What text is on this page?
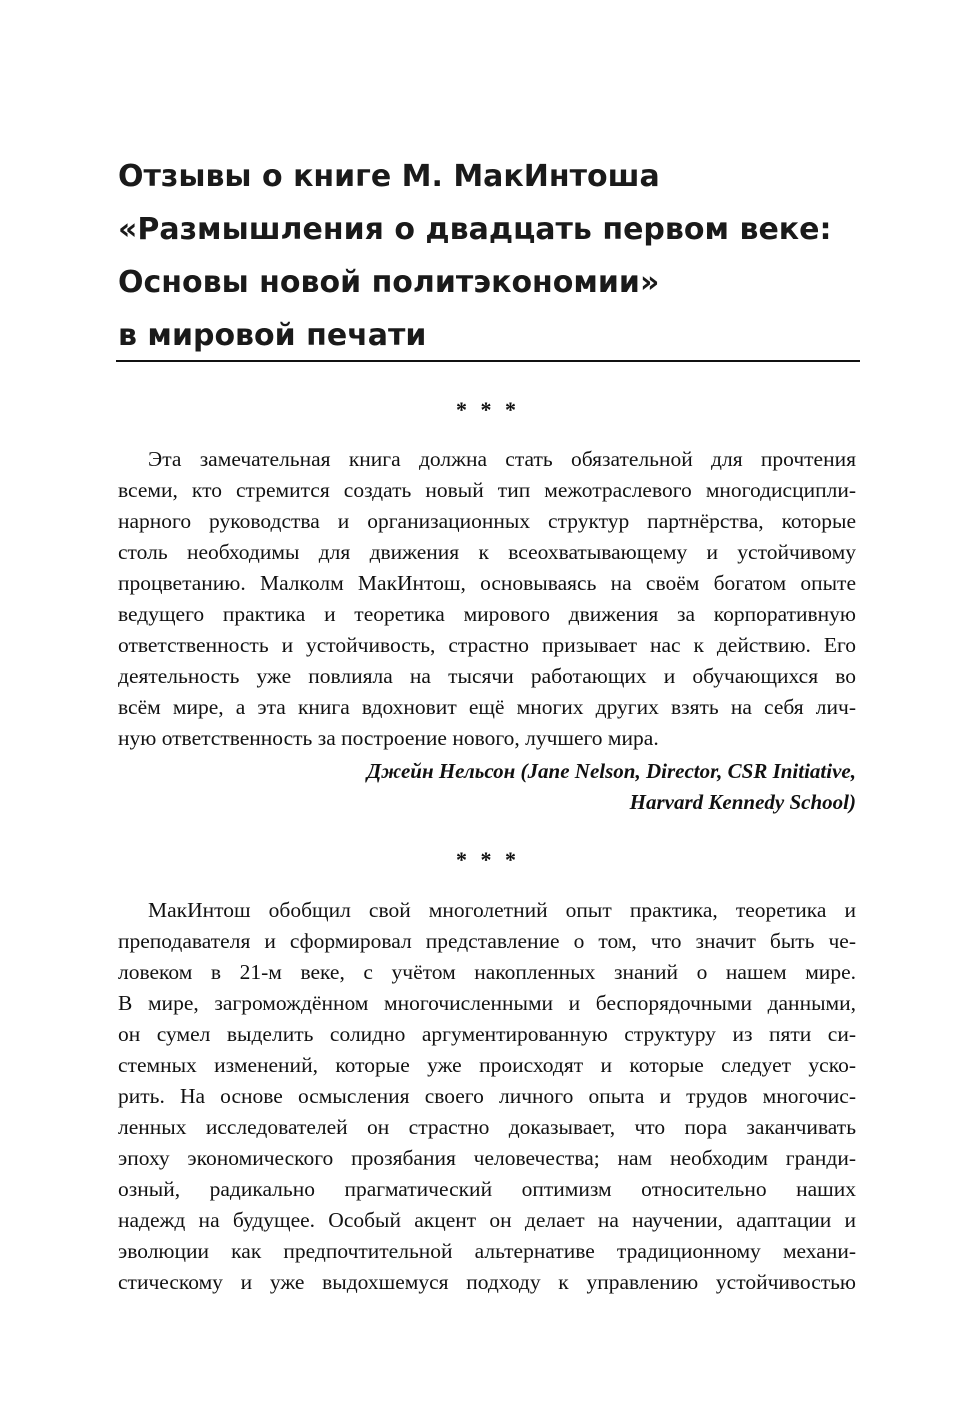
Отзывы о книге М. МакИнтоша
«Размышления о двадцать первом веке:
Основы новой политэкономии»
в мировой печати
* * *
Эта замечательная книга должна стать обязательной для прочтения
всеми, кто стремится создать новый тип межотраслевого многодисципли-
нарного руководства и организационных структур партнёрства, которые
столь необходимы для движения к всеохватывающему и устойчивому
процветанию. Малколм МакИнтош, основываясь на своём богатом опыте
ведущего практика и теоретика мирового движения за корпоративную
ответственность и устойчивость, страстно призывает нас к действию. Его
деятельность уже повлияла на тысячи работающих и обучающихся во
всём мире, а эта книга вдохновит ещё многих других взять на себя лич-
ную ответственность за построение нового, лучшего мира.
Джейн Нельсон (Jane Nelson, Director, CSR Initiative,
Harvard Kennedy School)
* * *
МакИнтош обобщил свой многолетний опыт практика, теоретика и
преподавателя и сформировал представление о том, что значит быть че-
ловеком в 21-м веке, с учётом накопленных знаний о нашем мире.
В мире, загромождённом многочисленными и беспорядочными данными,
он сумел выделить солидно аргументированную структуру из пяти си-
стемных изменений, которые уже происходят и которые следует уско-
рить. На основе осмысления своего личного опыта и трудов многочис-
ленных исследователей он страстно доказывает, что пора заканчивать
эпоху экономического прозябания человечества; нам необходим гранди-
озный, радикально прагматический оптимизм относительно наших
надежд на будущее. Особый акцент он делает на научении, адаптации и
эволюции как предпочтительной альтернативе традиционному механи-
стическому и уже выдохшемуся подходу к управлению устойчивостью
